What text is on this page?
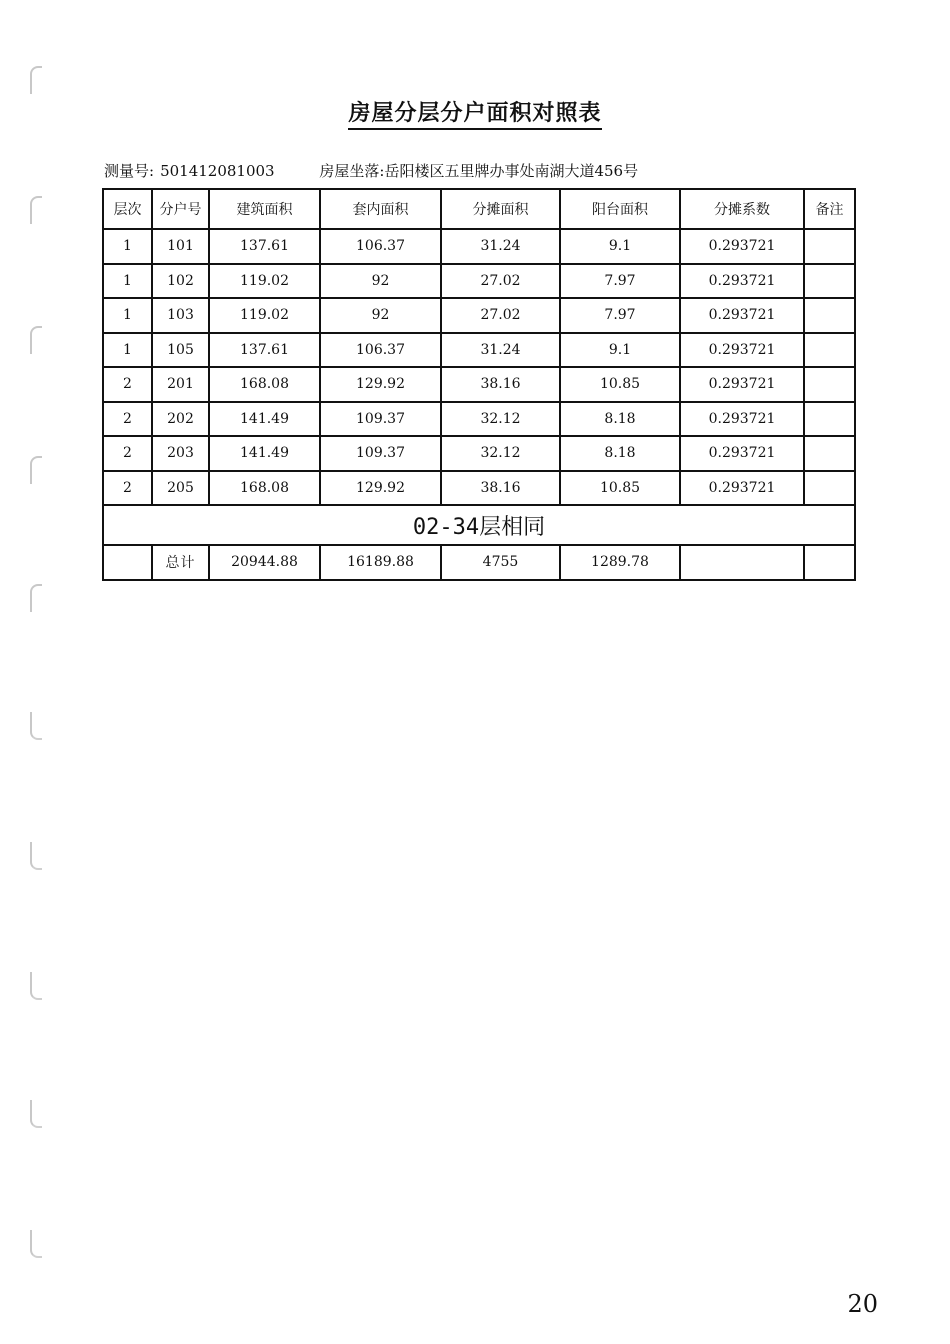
房屋分层分户面积对照表
测量号: 501412081003	房屋坐落:岳阳楼区五里牌办事处南湖大道456号
层次	分户号	建筑面积	套内面积	分摊面积	阳台面积	分摊系数	备注
1	101	137.61	106.37	31.24	9.1	0.293721	
1	102	119.02	92	27.02	7.97	0.293721	
1	103	119.02	92	27.02	7.97	0.293721	
1	105	137.61	106.37	31.24	9.1	0.293721	
2	201	168.08	129.92	38.16	10.85	0.293721	
2	202	141.49	109.37	32.12	8.18	0.293721	
2	203	141.49	109.37	32.12	8.18	0.293721	
2	205	168.08	129.92	38.16	10.85	0.293721	
02-34层相同							
	总计	20944.88	16189.88	4755	1289.78		
20
